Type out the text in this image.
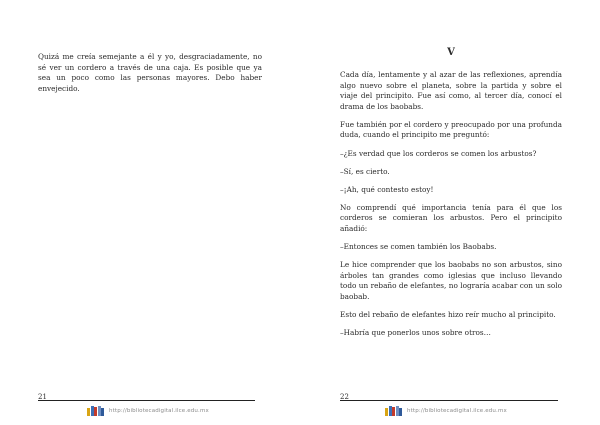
Quizá me creía semejante a él y yo, desgraciadamente, no sé ver un cordero a través de una caja. Es posible que ya sea un poco como las personas mayores. Debo haber envejecido.

21
http://bibliotecadigital.ilce.edu.mx
V

Cada día, lentamente y al azar de las reflexiones, aprendía algo nuevo sobre el planeta, sobre la partida y sobre el viaje del principito. Fue así como, al tercer día, conocí el drama de los baobabs.

Fue también por el cordero y preocupado por una profunda duda, cuando el principito me preguntó:

–¿Es verdad que los corderos se comen los arbustos?

–Sí, es cierto.

–¡Ah, qué contesto estoy!

No comprendí qué importancia tenía para él que los corderos se comieran los arbustos. Pero el principito añadió:

–Entonces se comen también los Baobabs.

Le hice comprender que los baobabs no son arbustos, sino árboles tan grandes como iglesias que incluso llevando todo un rebaño de elefantes, no lograría acabar con un solo baobab.

Esto del rebaño de elefantes hizo reír mucho al principito.

–Habría que ponerlos unos sobre otros…

22
http://bibliotecadigital.ilce.edu.mx
